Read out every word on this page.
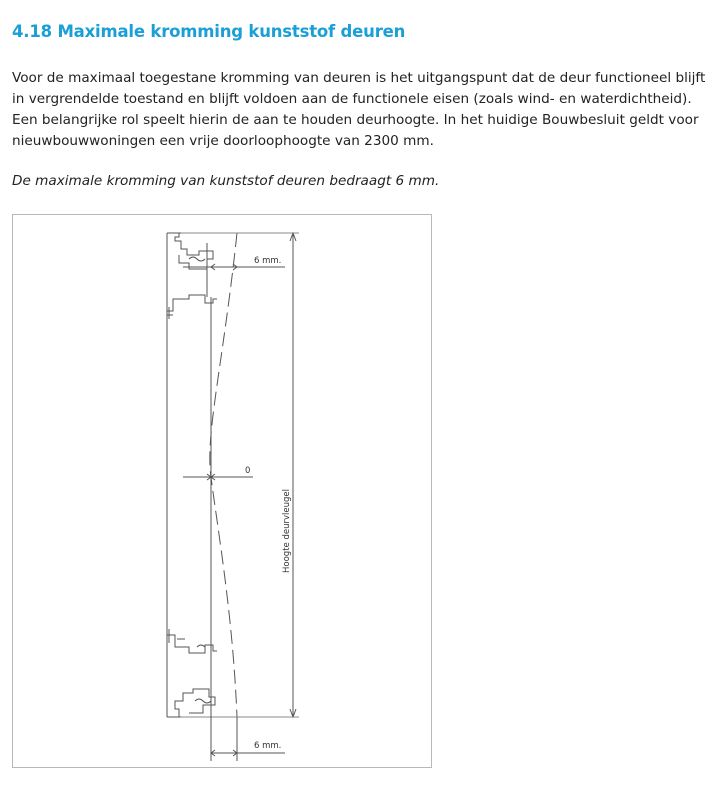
4.18 Maximale kromming kunststof deuren

Voor de maximaal toegestane kromming van deuren is het uitgangspunt dat de deur functioneel blijft in vergrendelde toestand en blijft voldoen aan de functionele eisen (zoals wind- en waterdichtheid). Een belangrijke rol speelt hierin de aan te houden deurhoogte. In het huidige Bouwbesluit geldt voor nieuwbouwwoningen een vrije doorloophoogte van 2300 mm.

De maximale kromming van kunststof deuren bedraagt 6 mm.

6 mm.
0
6 mm.
Hoogte deurvleugel
